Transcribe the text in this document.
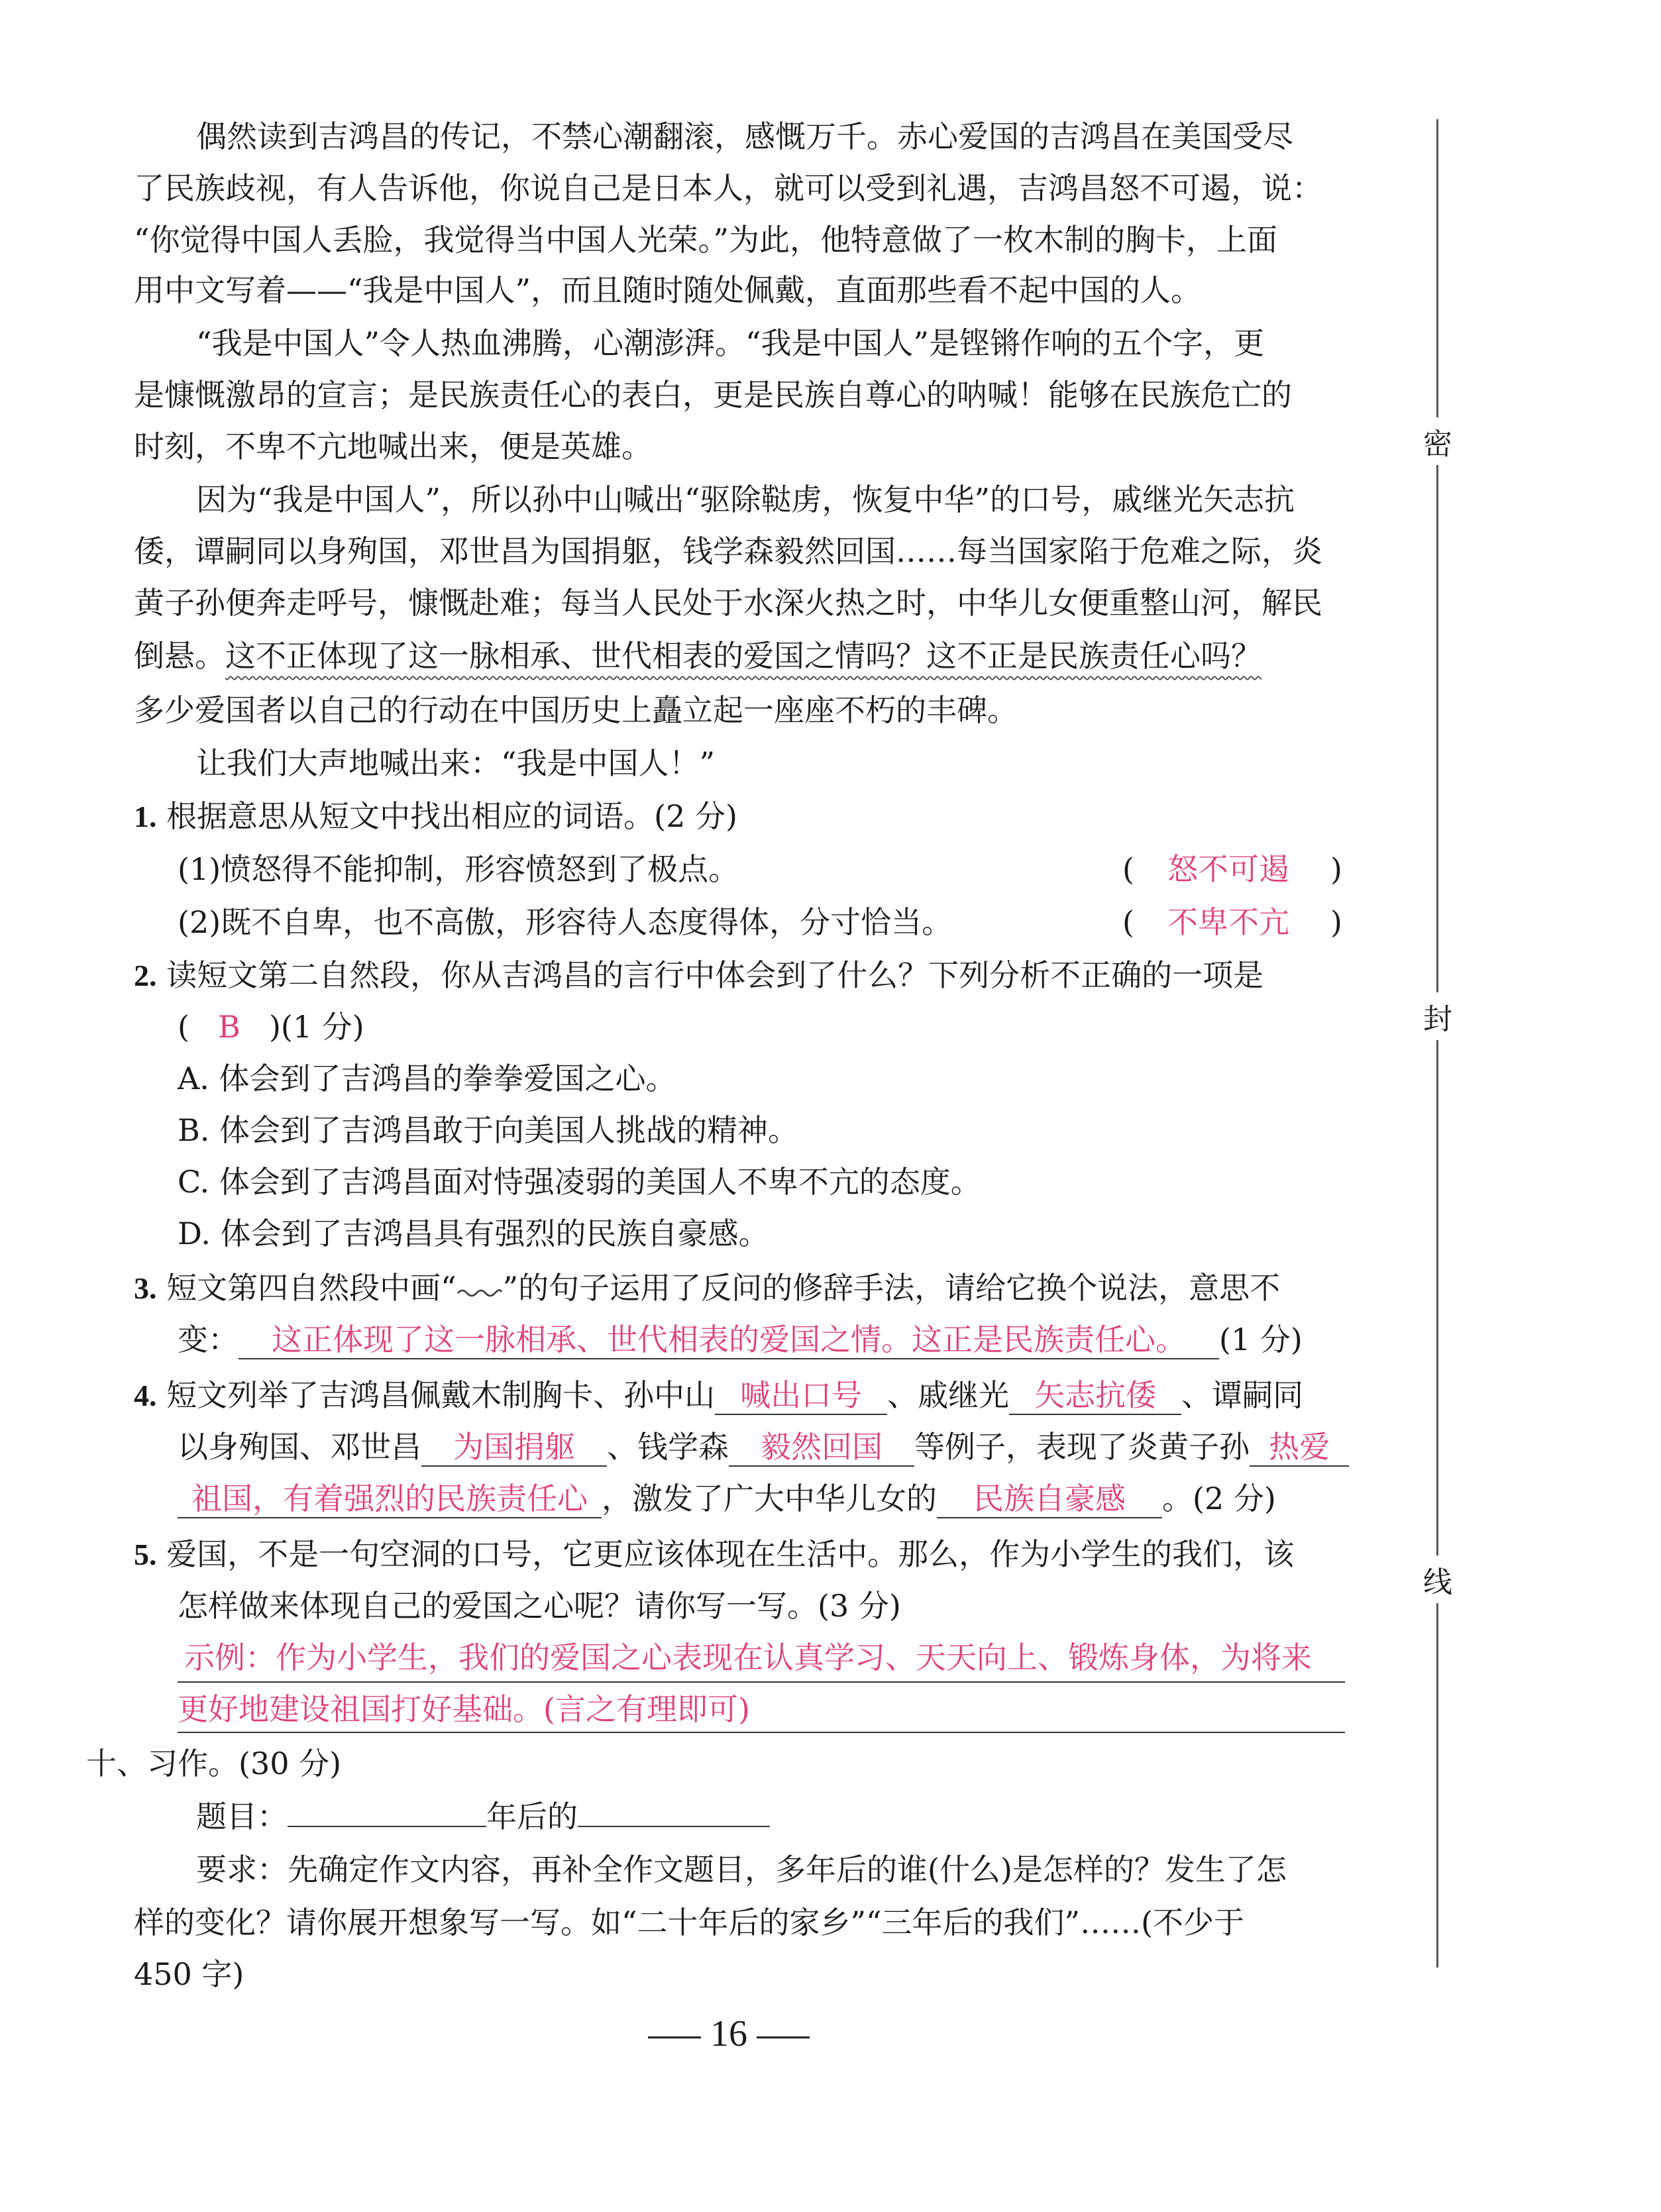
偶然读到吉鸿昌的传记，不禁心潮翻滚，感慨万千。赤心爱国的吉鸿昌在美国受尽
了民族歧视，有人告诉他，你说自己是日本人，就可以受到礼遇，吉鸿昌怒不可遏，说：
“你觉得中国人丢脸，我觉得当中国人光荣。”为此，他特意做了一枚木制的胸卡，上面
用中文写着——“我是中国人”，而且随时随处佩戴，直面那些看不起中国的人。
“我是中国人”令人热血沸腾，心潮澎湃。“我是中国人”是铿锵作响的五个字，更
是慷慨激昂的宣言；是民族责任心的表白，更是民族自尊心的呐喊！能够在民族危亡的
时刻，不卑不亢地喊出来，便是英雄。
因为“我是中国人”，所以孙中山喊出“驱除鞑虏，恢复中华”的口号，戚继光矢志抗
倭，谭嗣同以身殉国，邓世昌为国捐躯，钱学森毅然回国……每当国家陷于危难之际，炎
黄子孙便奔走呼号，慷慨赴难；每当人民处于水深火热之时，中华儿女便重整山河，解民
倒悬。这不正体现了这一脉相承、世代相表的爱国之情吗？这不正是民族责任心吗？
多少爱国者以自己的行动在中国历史上矗立起一座座不朽的丰碑。
让我们大声地喊出来：“我是中国人！”
1. 根据意思从短文中找出相应的词语。(2 分)
(1)愤怒得不能抑制，形容愤怒到了极点。	( 怒不可遏 )
(2)既不自卑，也不高傲，形容待人态度得体，分寸恰当。	( 不卑不亢 )
2. 读短文第二自然段，你从吉鸿昌的言行中体会到了什么？下列分析不正确的一项是
( B )(1 分)
A. 体会到了吉鸿昌的拳拳爱国之心。
B. 体会到了吉鸿昌敢于向美国人挑战的精神。
C. 体会到了吉鸿昌面对恃强凌弱的美国人不卑不亢的态度。
D. 体会到了吉鸿昌具有强烈的民族自豪感。
3. 短文第四自然段中画“ ”的句子运用了反问的修辞手法，请给它换个说法，意思不
变： 这正体现了这一脉相承、世代相表的爱国之情。这正是民族责任心。 (1 分)
4. 短文列举了吉鸿昌佩戴木制胸卡、孙中山 喊出口号 、戚继光 矢志抗倭 、谭嗣同
以身殉国、邓世昌 为国捐躯 、钱学森 毅然回国 等例子，表现了炎黄子孙 热爱
祖国，有着强烈的民族责任心 ，激发了广大中华儿女的 民族自豪感 。(2 分)
5. 爱国，不是一句空洞的口号，它更应该体现在生活中。那么，作为小学生的我们，该
怎样做来体现自己的爱国之心呢？请你写一写。(3 分)
示例：作为小学生，我们的爱国之心表现在认真学习、天天向上、锻炼身体，为将来
更好地建设祖国打好基础。(言之有理即可)
十、习作。(30 分)
题目：	年后的
要求：先确定作文内容，再补全作文题目，多年后的谁(什么)是怎样的？发生了怎
样的变化？请你展开想象写一写。如“二十年后的家乡”“三年后的我们”……(不少于
450 字)
密
封
线
16
